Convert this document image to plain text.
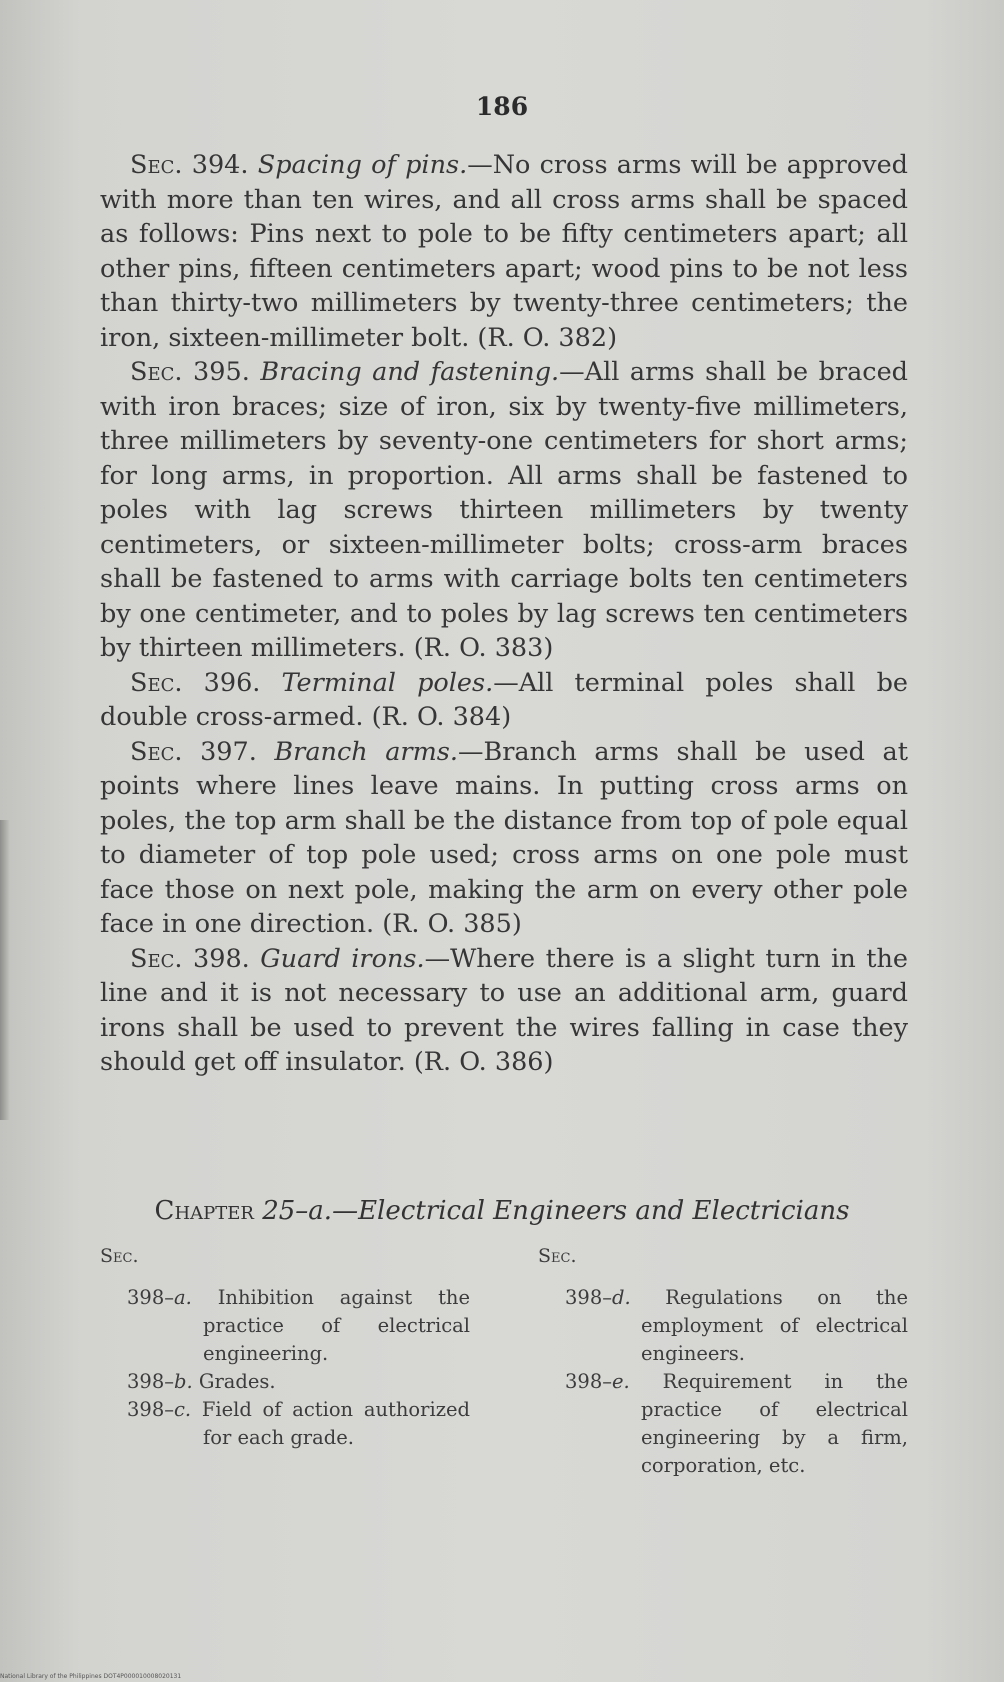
186

Sec. 394. Spacing of pins.—No cross arms will be approved with more than ten wires, and all cross arms shall be spaced as follows: Pins next to pole to be fifty centimeters apart; all other pins, fifteen centimeters apart; wood pins to be not less than thirty-two millimeters by twenty-three centimeters; the iron, sixteen-millimeter bolt. (R. O. 382)

Sec. 395. Bracing and fastening.—All arms shall be braced with iron braces; size of iron, six by twenty-five millimeters, three millimeters by seventy-one centimeters for short arms; for long arms, in proportion. All arms shall be fastened to poles with lag screws thirteen millimeters by twenty centimeters, or sixteen-millimeter bolts; cross-arm braces shall be fastened to arms with carriage bolts ten centimeters by one centimeter, and to poles by lag screws ten centimeters by thirteen millimeters. (R. O. 383)

Sec. 396. Terminal poles.—All terminal poles shall be double cross-armed. (R. O. 384)

Sec. 397. Branch arms.—Branch arms shall be used at points where lines leave mains. In putting cross arms on poles, the top arm shall be the distance from top of pole equal to diameter of top pole used; cross arms on one pole must face those on next pole, making the arm on every other pole face in one direction. (R. O. 385)

Sec. 398. Guard irons.—Where there is a slight turn in the line and it is not necessary to use an additional arm, guard irons shall be used to prevent the wires falling in case they should get off insulator. (R. O. 386)

Chapter 25–a.—Electrical Engineers and Electricians
Sec.
398–a. Inhibition against the practice of electrical engineering.
398–b. Grades.
398–c. Field of action authorized for each grade.
Sec.
398–d. Regulations on the employment of electrical engineers.
398–e. Requirement in the practice of electrical engineering by a firm, corporation, etc.
National Library of the Philippines DOT4P000010008020131
